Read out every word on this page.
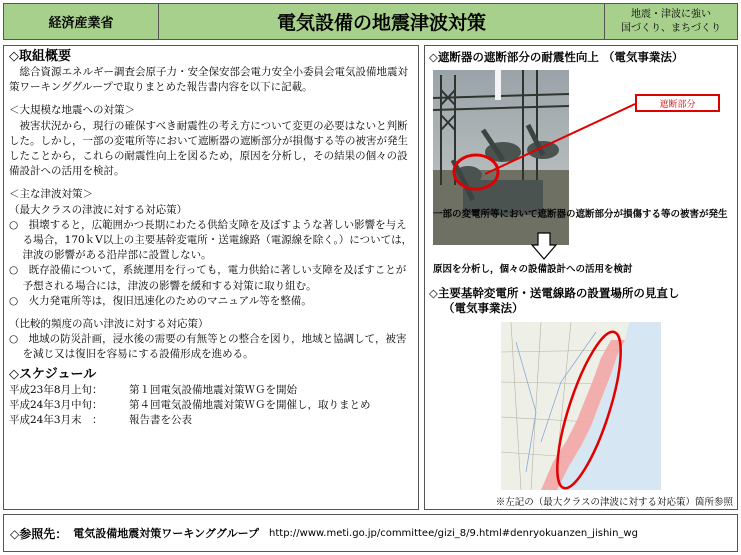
経済産業省	電気設備の地震津波対策	地震・津波に強い
国づくり、まちづくり
◇取組概要
総合資源エネルギー調査会原子力・安全保安部会電力安全小委員会電気設備地震対策ワーキンググループで取りまとめた報告書内容を以下に記載。
＜大規模な地震への対策＞
被害状況から，現行の確保すべき耐震性の考え方について変更の必要はないと判断した。しかし，一部の変電所等において遮断器の遮断部分が損傷する等の被害が発生したことから，これらの耐震性向上を図るため，原因を分析し，その結果の個々の設備設計への活用を検討。
＜主な津波対策＞
（最大クラスの津波に対する対応策）
○　損壊すると，広範囲かつ長期にわたる供給支障を及ぼすような著しい影響を与える場合，170ｋV以上の主要基幹変電所・送電線路（電源線を除く。）については，津波の影響がある沿岸部に設置しない。
○　既存設備について，系統運用を行っても，電力供給に著しい支障を及ぼすことが予想される場合には，津波の影響を緩和する対策に取り組む。
○　火力発電所等は，復旧迅速化のためのマニュアル等を整備。
（比較的頻度の高い津波に対する対応策）
○　地域の防災計画，浸水後の需要の有無等との整合を図り，地域と協調して，被害を減じ又は復旧を容易にする設備形成を進める。
◇スケジュール
平成23年8月上旬：	第１回電気設備地震対策ＷＧを開始
平成24年3月中旬：	第４回電気設備地震対策ＷＧを開催し，取りまとめ
平成24年3月末　：	報告書を公表
◇遮断器の遮断部分の耐震性向上 （電気事業法）
遮断部分
一部の変電所等において遮断器の遮断部分が損傷する等の被害が発生
原因を分析し，個々の設備設計への活用を検討
◇主要基幹変電所・送電線路の設置場所の見直し
（電気事業法）
※左記の（最大クラスの津波に対する対応策）箇所参照
◇参照先： 電気設備地震対策ワーキンググループ http://www.meti.go.jp/committee/gizi_8/9.html#denryokuanzen_jishin_wg
